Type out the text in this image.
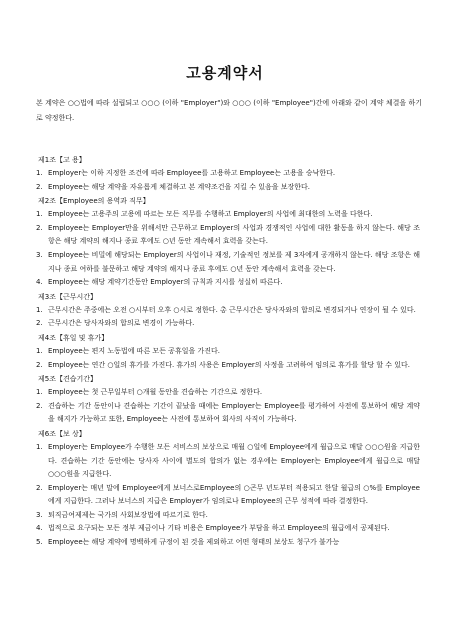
고용계약서
본 계약은 ○○법에 따라 설립되고 ○○○ (이하 "Employer")와 ○○○ (이하 "Employee")간에 아래와 같이 계약 체결을 하기로 약정한다.
제1조【고 용】
1. Employer는 이하 지정한 조건에 따라 Employee를 고용하고 Employee는 고용을 승낙한다.
2. Employee는 해당 계약을 자유롭게 체결하고 본 계약조건을 지킬 수 있음을 보장한다.
제2조【Employee의 용역과 직무】
1. Employee는 고용주의 고용에 따르는 모든 직무를 수행하고 Employer의 사업에 최대한의 노력을 다한다.
2. Employee는 Employer만을 위해서만 근무하고 Employer의 사업과 경쟁적인 사업에 대한 활동을 하지 않는다. 해당 조항은 해당 계약의 해지나 종료 후에도 ○년 동안 계속해서 효력을 갖는다.
3. Employee는 비밀에 해당되는 Employer의 사업이나 재정, 기술적인 정보를 제 3자에게 공개하지 않는다. 해당 조항은 해지나 종료 여하를 불문하고 해당 계약의 해지나 종료 후에도 ○년 동안 계속해서 효력을 갖는다.
4. Employee는 해당 계약기간동안 Employer의 규칙과 지시를 성실히 따른다.
제3조【근무시간】
1. 근무시간은 주중에는 오전 ○시부터 오후 ○시로 정한다. 총 근무시간은 당사자와의 합의로 변경되거나 연장이 될 수 있다.
2. 근무시간은 당사자와의 합의로 변경이 가능하다.
제4조【휴일 및 휴가】
1. Employee는 편지 노동법에 따른 모든 공휴일을 가진다.
2. Employee는 연간 ○일의 휴가를 가진다. 휴가의 사용은 Employer의 사정을 고려하여 임의로 휴가를 할당 할 수 있다.
제5조【견습기간】
1. Employee는 첫 근무일부터 ○개월 동안을 견습하는 기간으로 정한다.
2. 견습하는 기간 동안이나 견습하는 기간이 끝났을 때에는 Employer는 Employee를 평가하여 사전에 통보하여 해당 계약을 해지가 가능하고 또한, Employee는 사전에 통보하여 회사의 사직이 가능하다.
제6조【보 상】
1. Employer는 Employee가 수행한 모든 서비스의 보상으로 매월 ○일에 Employee에게 월급으로 매달 ○○○원을 지급한다. 견습하는 기간 동안에는 당사자 사이에 별도의 합의가 없는 경우에는 Employer는 Employee에게 월급으로 매달 ○○○원을 지급한다.
2. Employer는 매년 말에 Employee에게 보너스로Employee의 ○곤무 년도부터 적용되고 한달 월급의 ○%를 Employee에게 지급한다. 그러나 보너스의 지급은 Employer가 임의로나 Employee의 근무 성적에 따라 결정한다.
3. 퇴직금여제제는 국가의 사회보장법에 따르기로 한다.
4. 법적으로 요구되는 모든 정부 제금이나 기타 비용은 Employee가 부담을 하고 Employee의 월급에서 공제된다.
5. Employee는 해당 계약에 명백하게 규정이 된 것을 제외하고 어떤 형태의 보상도 청구가 불가능
